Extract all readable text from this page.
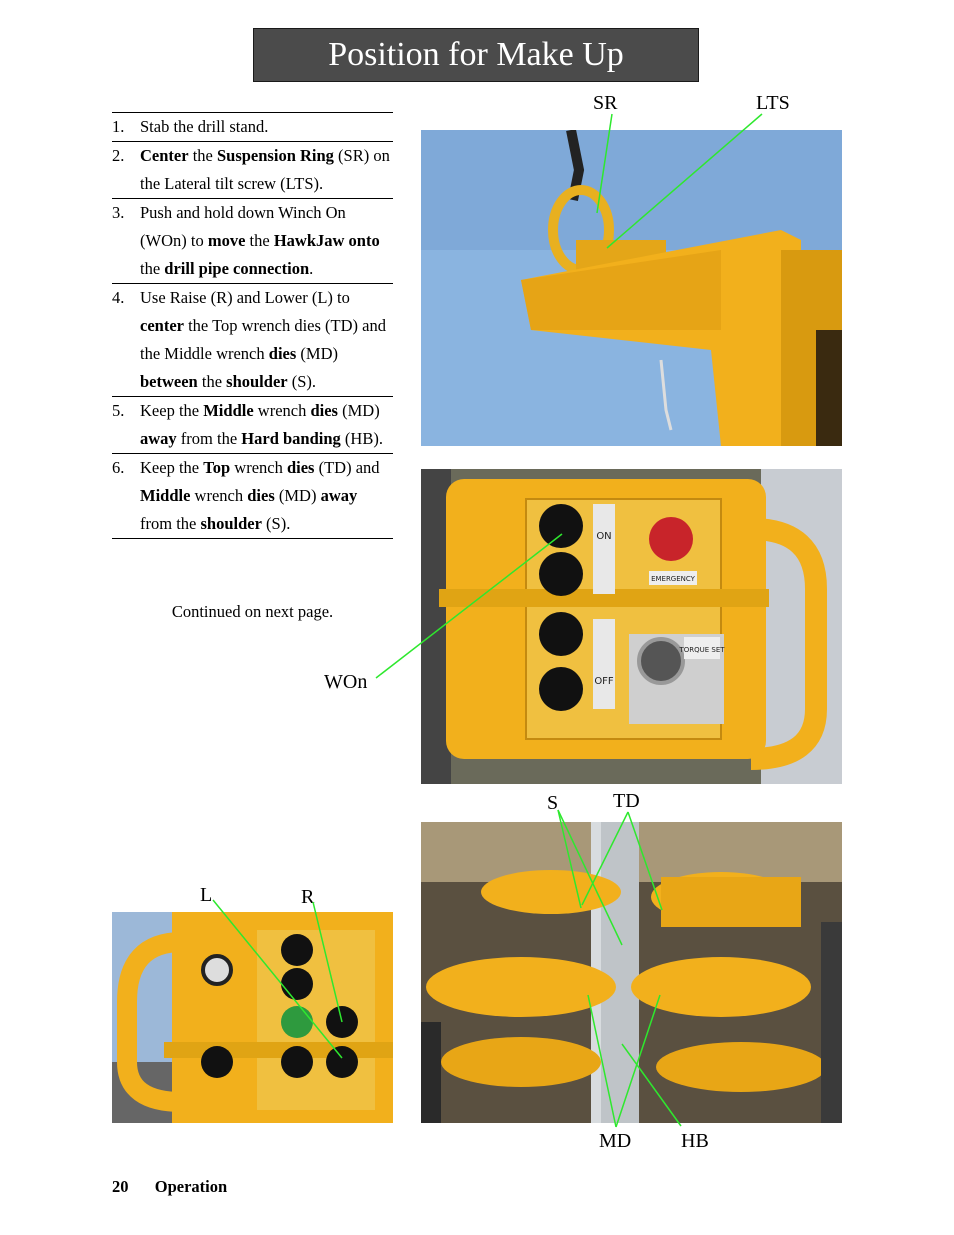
Position for Make Up
1. Stab the drill stand.
2. Center the Suspension Ring (SR) on the Lateral tilt screw (LTS).
3. Push and hold down Winch On (WOn) to move the HawkJaw onto the drill pipe connection.
4. Use Raise (R) and Lower (L) to center the Top wrench dies (TD) and the Middle wrench dies (MD) between the shoulder (S).
5. Keep the Middle wrench dies (MD) away from the Hard banding (HB).
6. Keep the Top wrench dies (TD) and Middle wrench dies (MD) away from the shoulder (S).
Continued on next page.
ON
OFF
EMERGENCY
TORQUE SET
SR	LTS
WOn
S	TD
L	R
MD HB
20 Operation
